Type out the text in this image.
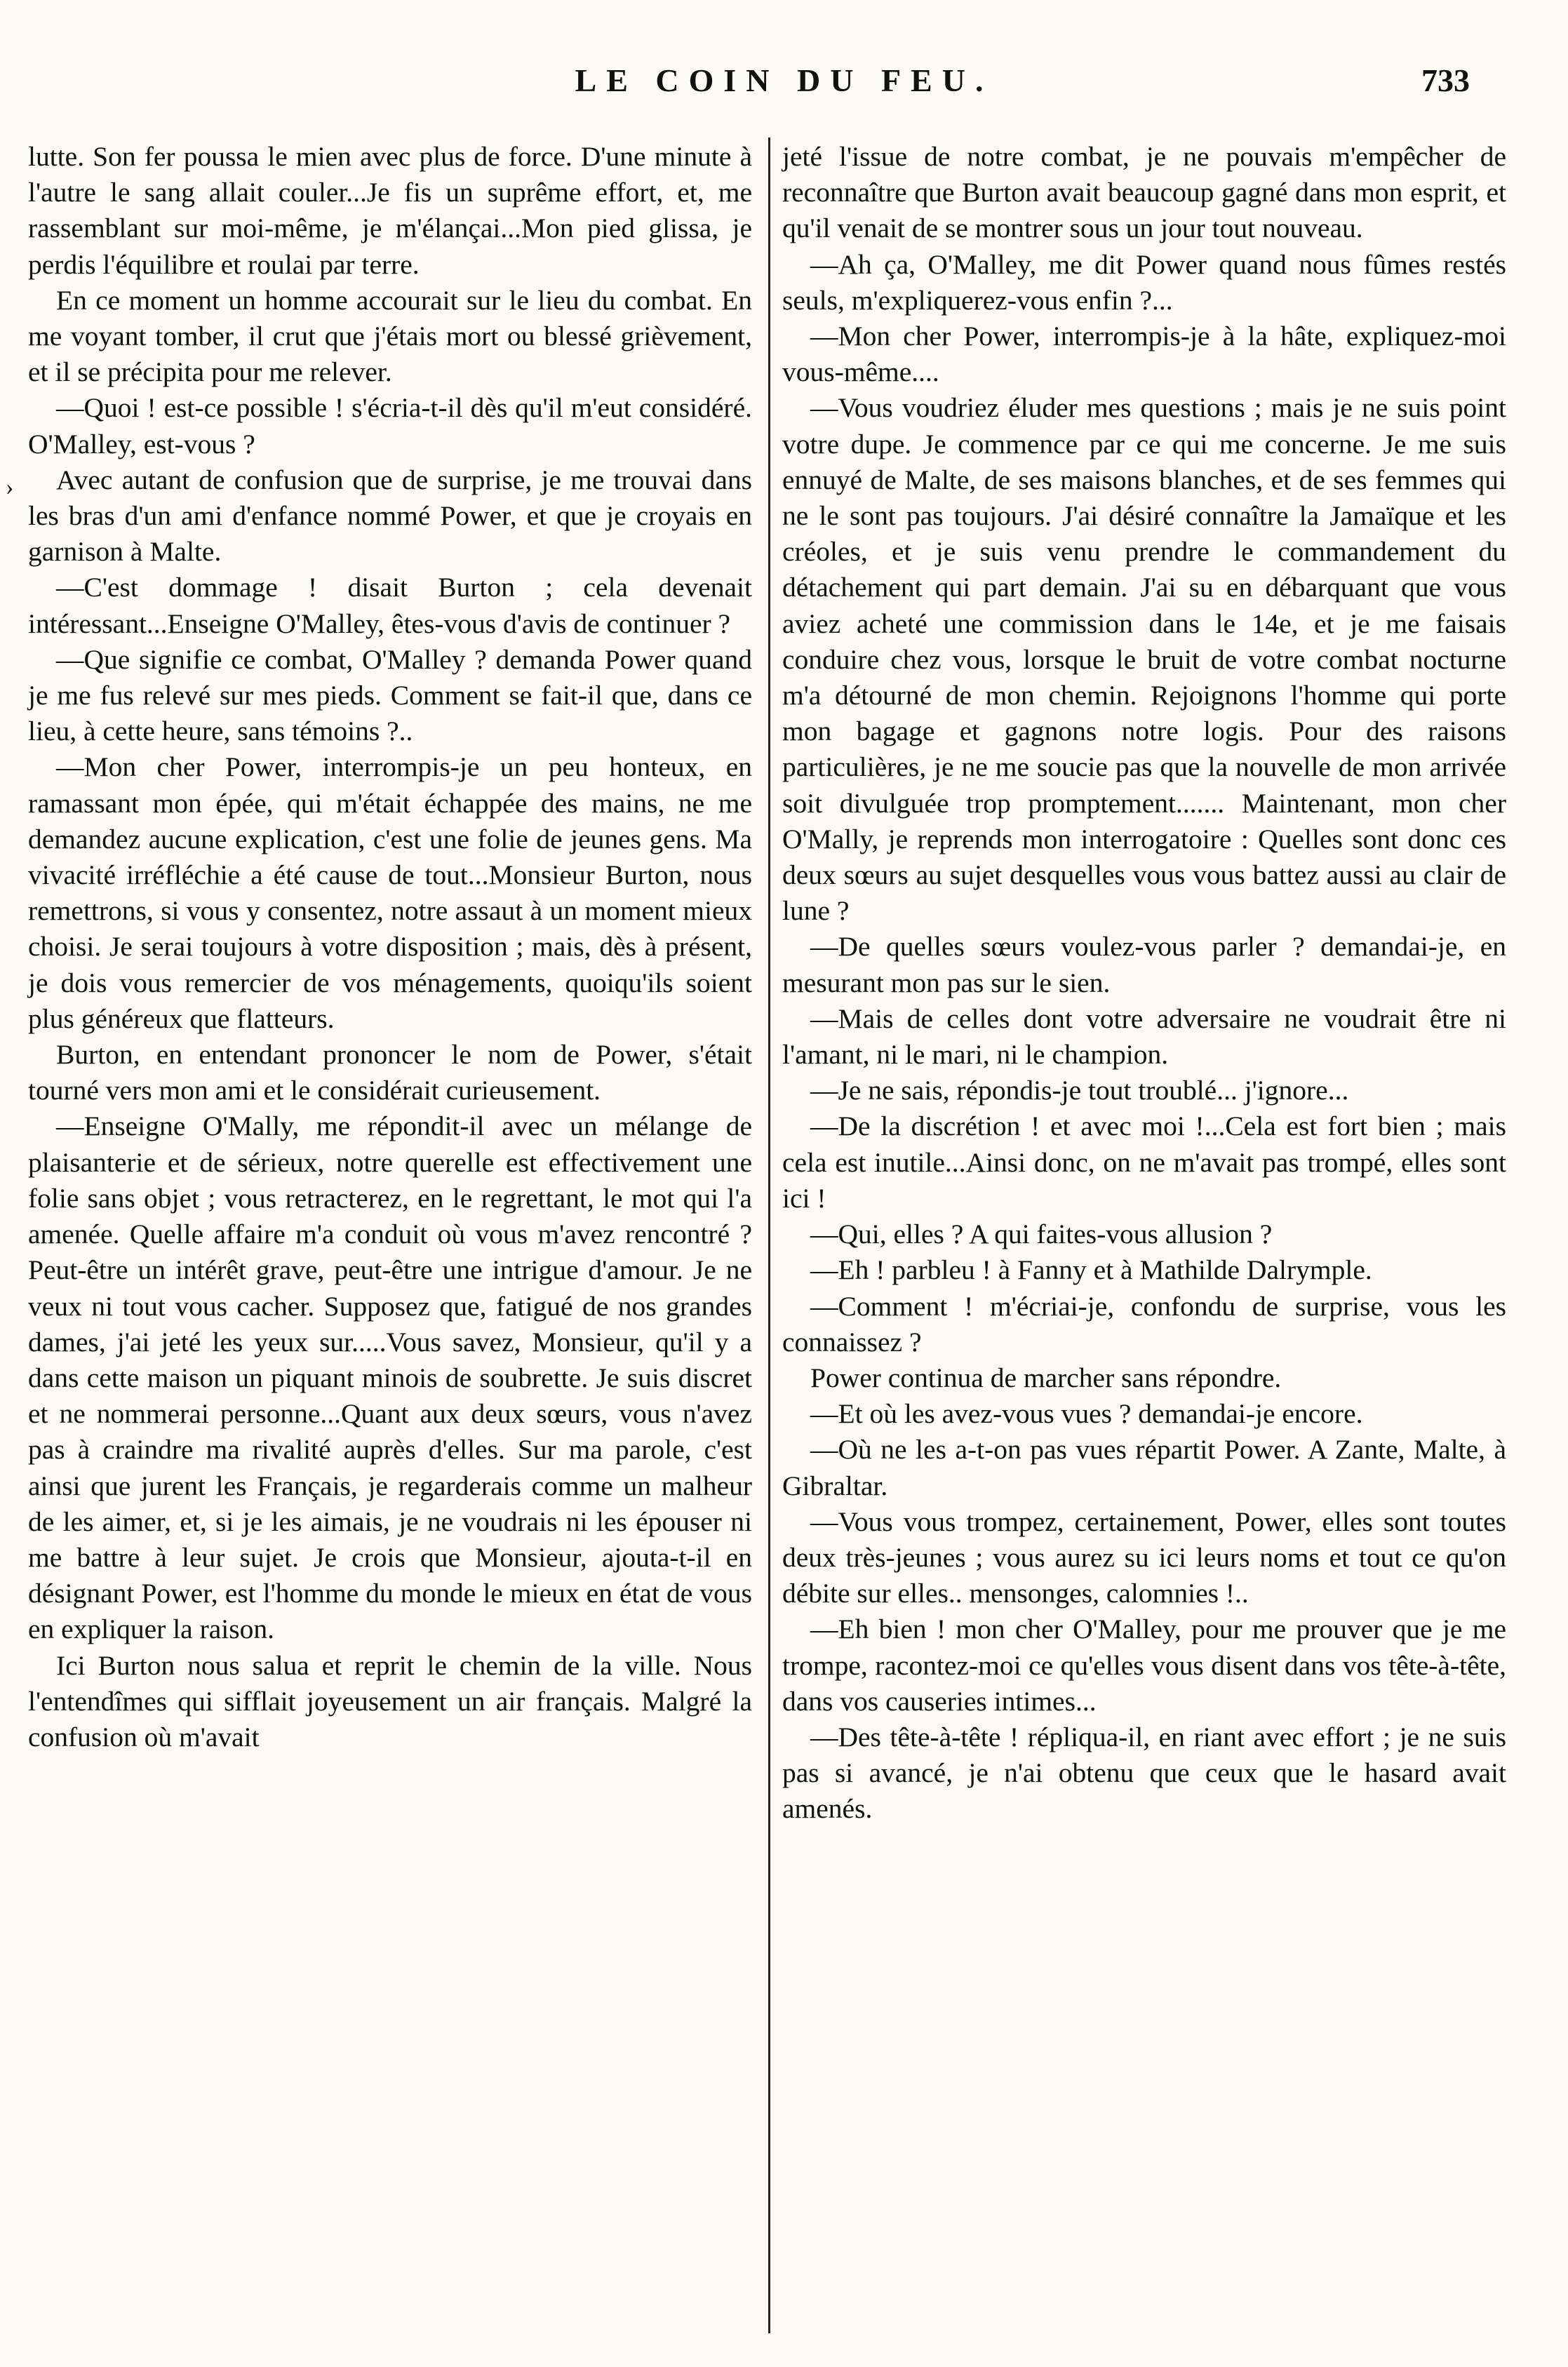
LE COIN DU FEU.	733
›

lutte. Son fer poussa le mien avec plus de force. D'une minute à l'autre le sang allait couler...Je fis un suprême effort, et, me rassemblant sur moi-même, je m'élançai...Mon pied glissa, je perdis l'équilibre et roulai par terre.

En ce moment un homme accourait sur le lieu du combat. En me voyant tomber, il crut que j'étais mort ou blessé grièvement, et il se précipita pour me relever.

—Quoi ! est-ce possible ! s'écria-t-il dès qu'il m'eut considéré. O'Malley, est-vous ?

Avec autant de confusion que de surprise, je me trouvai dans les bras d'un ami d'enfance nommé Power, et que je croyais en garnison à Malte.

—C'est dommage ! disait Burton ; cela devenait intéressant...Enseigne O'Malley, êtes-vous d'avis de continuer ?

—Que signifie ce combat, O'Malley ? demanda Power quand je me fus relevé sur mes pieds. Comment se fait-il que, dans ce lieu, à cette heure, sans témoins ?..

—Mon cher Power, interrompis-je un peu honteux, en ramassant mon épée, qui m'était échappée des mains, ne me demandez aucune explication, c'est une folie de jeunes gens. Ma vivacité irréfléchie a été cause de tout...Monsieur Burton, nous remettrons, si vous y consentez, notre assaut à un moment mieux choisi. Je serai toujours à votre disposition ; mais, dès à présent, je dois vous remercier de vos ménagements, quoiqu'ils soient plus généreux que flatteurs.

Burton, en entendant prononcer le nom de Power, s'était tourné vers mon ami et le considérait curieusement.

—Enseigne O'Mally, me répondit-il avec un mélange de plaisanterie et de sérieux, notre querelle est effectivement une folie sans objet ; vous retracterez, en le regrettant, le mot qui l'a amenée. Quelle affaire m'a conduit où vous m'avez rencontré ? Peut-être un intérêt grave, peut-être une intrigue d'amour. Je ne veux ni tout vous cacher. Supposez que, fatigué de nos grandes dames, j'ai jeté les yeux sur.....Vous savez, Monsieur, qu'il y a dans cette maison un piquant minois de soubrette. Je suis discret et ne nommerai personne...Quant aux deux sœurs, vous n'avez pas à craindre ma rivalité auprès d'elles. Sur ma parole, c'est ainsi que jurent les Français, je regarderais comme un malheur de les aimer, et, si je les aimais, je ne voudrais ni les épouser ni me battre à leur sujet. Je crois que Monsieur, ajouta-t-il en désignant Power, est l'homme du monde le mieux en état de vous en expliquer la raison.

Ici Burton nous salua et reprit le chemin de la ville. Nous l'entendîmes qui sifflait joyeusement un air français. Malgré la confusion où m'avait

jeté l'issue de notre combat, je ne pouvais m'empêcher de reconnaître que Burton avait beaucoup gagné dans mon esprit, et qu'il venait de se montrer sous un jour tout nouveau.

—Ah ça, O'Malley, me dit Power quand nous fûmes restés seuls, m'expliquerez-vous enfin ?...

—Mon cher Power, interrompis-je à la hâte, expliquez-moi vous-même....

—Vous voudriez éluder mes questions ; mais je ne suis point votre dupe. Je commence par ce qui me concerne. Je me suis ennuyé de Malte, de ses maisons blanches, et de ses femmes qui ne le sont pas toujours. J'ai désiré connaître la Jamaïque et les créoles, et je suis venu prendre le commandement du détachement qui part demain. J'ai su en débarquant que vous aviez acheté une commission dans le 14e, et je me faisais conduire chez vous, lorsque le bruit de votre combat nocturne m'a détourné de mon chemin. Rejoignons l'homme qui porte mon bagage et gagnons notre logis. Pour des raisons particulières, je ne me soucie pas que la nouvelle de mon arrivée soit divulguée trop promptement....... Maintenant, mon cher O'Mally, je reprends mon interrogatoire : Quelles sont donc ces deux sœurs au sujet desquelles vous vous battez aussi au clair de lune ?

—De quelles sœurs voulez-vous parler ? demandai-je, en mesurant mon pas sur le sien.

—Mais de celles dont votre adversaire ne voudrait être ni l'amant, ni le mari, ni le champion.

—Je ne sais, répondis-je tout troublé... j'ignore...

—De la discrétion ! et avec moi !...Cela est fort bien ; mais cela est inutile...Ainsi donc, on ne m'avait pas trompé, elles sont ici !

—Qui, elles ? A qui faites-vous allusion ?

—Eh ! parbleu ! à Fanny et à Mathilde Dalrymple.

—Comment ! m'écriai-je, confondu de surprise, vous les connaissez ?

Power continua de marcher sans répondre.

—Et où les avez-vous vues ? demandai-je encore.

—Où ne les a-t-on pas vues répartit Power. A Zante, Malte, à Gibraltar.

—Vous vous trompez, certainement, Power, elles sont toutes deux très-jeunes ; vous aurez su ici leurs noms et tout ce qu'on débite sur elles.. mensonges, calomnies !..

—Eh bien ! mon cher O'Malley, pour me prouver que je me trompe, racontez-moi ce qu'elles vous disent dans vos tête-à-tête, dans vos causeries intimes...

—Des tête-à-tête ! répliqua-il, en riant avec effort ; je ne suis pas si avancé, je n'ai obtenu que ceux que le hasard avait amenés.
